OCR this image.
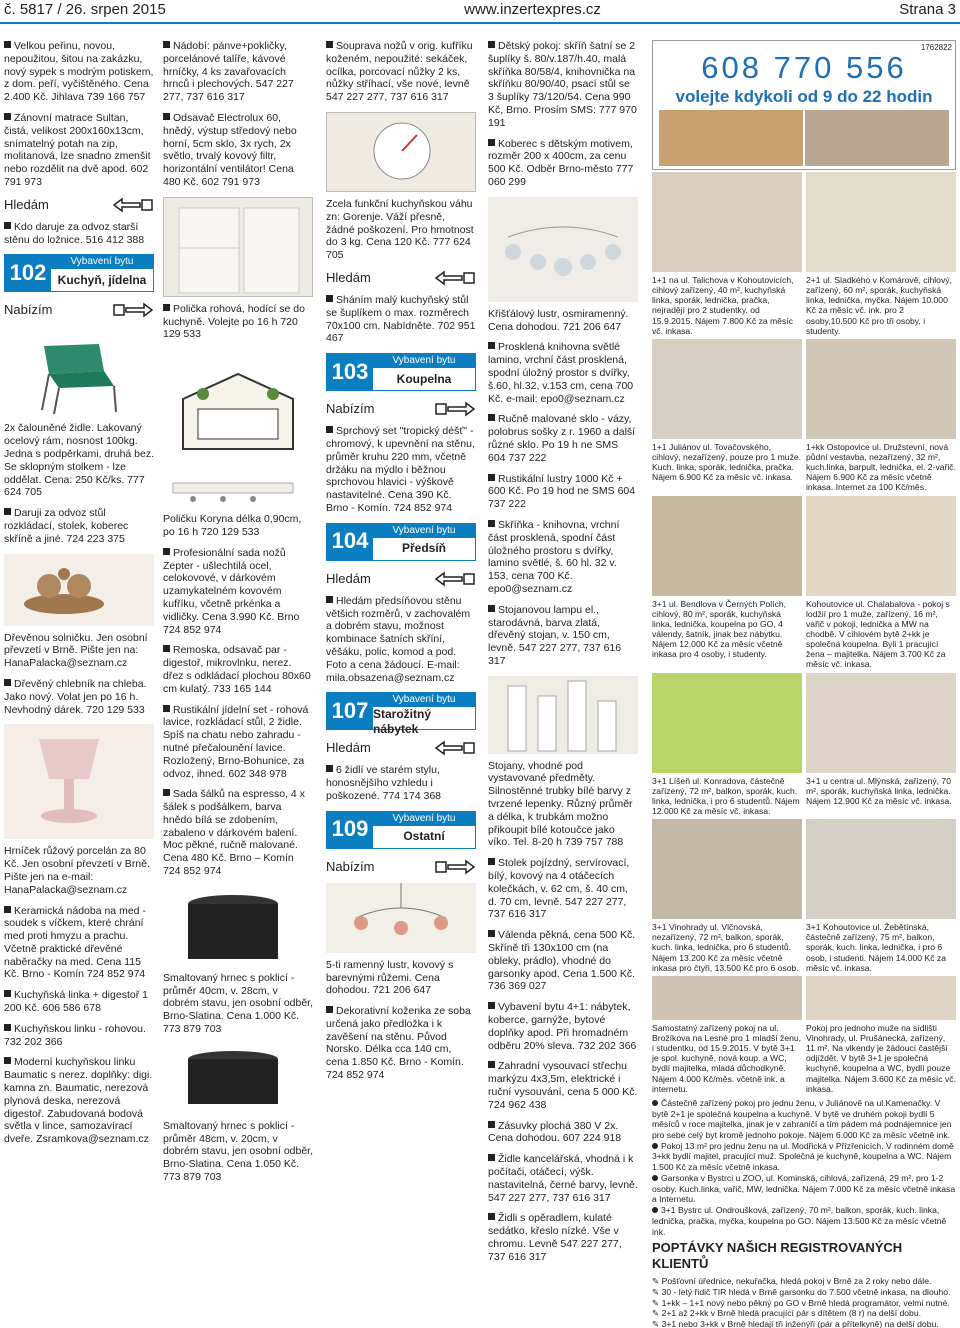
č. 5817 / 26. srpen 2015	www.inzertexpres.cz	Strana 3
Velkou peřinu, novou, nepoužitou, šitou na zakázku, nový sypek s modrým potiskem, z dom. peří, vyčištěného. Cena 2.400 Kč. Jihlava 739 166 757
Zánovní matrace Sultan, čistá, velikost 200x160x13cm, snímatelný potah na zip, molitanová, lze snadno zmenšit nebo rozdělit na dvě apod. 602 791 973
Hledám
Kdo daruje za odvoz starší stěnu do ložnice. 516 412 388
102	Vybavení bytu
Kuchyň, jídelna
Nabízím
2x čalouněné židle. Lakovaný ocelový rám, nosnost 100kg. Jedna s podpěrkami, druhá bez. Se sklopným stolkem - lze oddělat. Cena: 250 Kč/ks. 777 624 705
Daruji za odvoz stůl rozkládací, stolek, koberec skříně a jiné. 724 223 375
Dřevěnou solničku. Jen osobní převzetí v Brně. Pište jen na: HanaPalacka@seznam.cz
Dřevěný chlebník na chleba. Jako nový. Volat jen po 16 h. Nevhodný dárek. 720 129 533
Hrníček růžový porcelán za 80 Kč. Jen osobní převzetí v Brně. Pište jen na e-mail: HanaPalacka@seznam.cz
Keramická nádoba na med - soudek s víčkem, které chrání med proti hmyzu a prachu. Včetně praktické dřevěné naběračky na med. Cena 115 Kč. Brno - Komín 724 852 974
Kuchyňská linka + digestoř 1 200 Kč. 606 586 678
Kuchyňskou linku - rohovou. 732 202 366
Moderní kuchyňskou linku Baumatic s nerez. doplňky: digi. kamna zn. Baumatic, nerezová plynová deska, nerezová digestoř. Zabudovaná bodová světla v lince, samozavírací dveře. Zsramkova@seznam.cz
Nádobí: pánve+pokličky, porcelánové talíře, kávové hrníčky, 4 ks zavařovacích hrnců i plechových. 547 227 277, 737 616 317
Odsavač Electrolux 60, hnědý, výstup středový nebo horní, 5cm sklo, 3x rych, 2x světlo, trvalý kovový filtr, horizontální ventilátor! Cena 480 Kč. 602 791 973
Polička rohová, hodící se do kuchyně. Volejte po 16 h 720 129 533
Poličku Koryna délka 0,90cm, po 16 h 720 129 533
Profesionální sada nožů Zepter - ušlechtilá ocel, celokovové, v dárkovém uzamykatelném kovovém kufříku, včetně prkénka a vidličky. Cena 3.990 Kč. Brno 724 852 974
Remoska, odsavač par - digestoř, mikrovlnku, nerez. dřez s odkládací plochou 80x60 cm kulatý. 733 165 144
Rustikální jídelní set - rohová lavice, rozkládací stůl, 2 židle. Spíš na chatu nebo zahradu - nutné přečalounění lavice. Rozložený, Brno-Bohunice, za odvoz, ihned. 602 348 978
Sada šálků na espresso, 4 x šálek s podšálkem, barva hnědo bílá se zdobením, zabaleno v dárkovém balení. Moc pěkné, ručně malované. Cena 480 Kč. Brno – Komín 724 852 974
Smaltovaný hrnec s poklicí - průměr 40cm, v. 28cm, v dobrém stavu, jen osobní odběr, Brno-Slatina. Cena 1.000 Kč. 773 879 703
Smaltovaný hrnec s poklicí - průměr 48cm, v. 20cm, v dobrém stavu, jen osobní odběr, Brno-Slatina. Cena 1.050 Kč. 773 879 703
Souprava nožů v orig. kufříku koženém, nepoužité: sekáček, ocílka, porcovací nůžky 2 ks, nůžky stříhací, vše nové, levně 547 227 277, 737 616 317
Zcela funkční kuchyňskou váhu zn: Gorenje. Váží přesně, žádné poškození. Pro hmotnost do 3 kg. Cena 120 Kč. 777 624 705
Hledám
Sháním malý kuchyňský stůl se šuplíkem o max. rozměrech 70x100 cm. Nabídněte. 702 951 467
103	Vybavení bytu
Koupelna
Nabízím
Sprchový set "tropický déšť" - chromový, k upevnění na stěnu, průměr kruhu 220 mm, včetně držáku na mýdlo i běžnou sprchovou hlavici - výškově nastavitelné. Cena 390 Kč. Brno - Komín. 724 852 974
104	Vybavení bytu
Předsíň
Hledám
Hledám předsíňovou stěnu většich rozměrů, v zachovalém a dobrém stavu, možnost kombinace šatních skříní, věšáku, polic, komod a pod. Foto a cena žádoucí. E-mail: mila.obsazena@seznam.cz
107	Vybavení bytu
Starožitný nábytek
Hledám
6 židlí ve starém stylu, honosnějšího vzhledu i poškozené. 774 174 368
109	Vybavení bytu
Ostatní
Nabízím
5-ti ramenný lustr, kovový s barevnými růžemi. Cena dohodou. 721 206 647
Dekorativní koženka ze soba určená jako předložka i k zavěšení na stěnu. Původ Norsko. Délka cca 140 cm, cena 1.850 Kč. Brno - Komín. 724 852 974
Dětský pokoj: skříň šatní se 2 šuplíky š. 80/v.187/h.40, malá skříňka 80/58/4, knihovnička na skříňku 80/90/40, psací stůl se 3 šuplíky 73/120/54. Cena 990 Kč, Brno. Prosím SMS: 777 970 191
Koberec s dětským motivem, rozměr 200 x 400cm, za cenu 500 Kč. Odběr Brno-město 777 060 299
Křišťálový lustr, osmiramenný. Cena dohodou. 721 206 647
Prosklená knihovna světlé lamino, vrchní část prosklená, spodní úložný prostor s dvířky, š.60, hl.32, v.153 cm, cena 700 Kč. e-mail: epo0@seznam.cz
Ručně malované sklo - vázy, polobrus sošky z r. 1960 a další různé sklo. Po 19 h ne SMS 604 737 222
Rustikální lustry 1000 Kč + 600 Kč. Po 19 hod ne SMS 604 737 222
Skříňka - knihovna, vrchní část prosklená, spodní část úložného prostoru s dvířky, lamino světlé, š. 60 hl. 32 v. 153, cena 700 Kč. epo0@seznam.cz
Stojanovou lampu el., starodávná, barva zlatá, dřevěný stojan, v. 150 cm, levně. 547 227 277, 737 616 317
Stojany, vhodné pod vystavované předměty. Silnostěnné trubky bílé barvy z tvrzené lepenky. Různý průměr a délka, k trubkám možno přikoupit bílé kotoučce jako víko. Tel. 8-20 h 739 757 788
Stolek pojízdný, servírovací, bílý, kovový na 4 otáčecích kolečkách, v. 62 cm, š. 40 cm, d. 70 cm, levně. 547 227 277, 737 616 317
Válenda pěkná, cena 500 Kč. Skříně tři 130x100 cm (na obleky, prádlo), vhodné do garsonky apod. Cena 1.500 Kč. 736 369 027
Vybavení bytu 4+1: nábytek, koberce, garnýže, bytové doplňky apod. Při hromadném odběru 20% sleva. 732 202 366
Zahradní vysouvací střechu markýzu 4x3,5m, elektrické i ruční vysouvání, cena 5 000 Kč. 724 962 438
Zásuvky plochá 380 V 2x. Cena dohodou. 607 224 918
Židle kancelářská, vhodná i k počítači, otáčecí, výšk. nastavitelná, černé barvy, levně. 547 227 277, 737 616 317
Židli s opěradlem, kulaté sedátko, křeslo nízké. Vše v chromu. Levně 547 227 277, 737 616 317
1762822
608 770 556
volejte kdykoli od 9 do 22 hodin
1+1 na ul. Talichova v Kohoutovicích, cihlový zařízený, 40 m², kuchyňská linka, sporák, lednička, pračka, nejradějí pro 2 studentky, od 15.9.2015. Nájem 7.800 Kč za měsíc vč. inkasa.
2+1 ul. Sladkého v Komárově, cihlový, zařízený, 60 m², sporák, kuchyňská linka, lednička, myčka. Nájem 10.000 Kč za měsíc vč. ink. pro 2 osoby,10.500 Kč pro tři osoby, i studenty.
1+1 Juliánov ul. Tovačovského, cihlový, nezařízený, pouze pro 1 muže. Kuch. linka, sporák, lednička, pračka. Nájem 6.900 Kč za měsíc vč. inkasa.
1+kk Ostopovice ul. Družstevní, nová půdní vestavba, nezařízený, 32 m², kuch.linka, barpult, lednička, el. 2-vařič. Nájem 6.900 Kč za měsíc včetně inkasa. Internet za 100 Kč/měs.
3+1 ul. Bendlova v Černých Polích, cihlový, 80 m², sporák, kuchyňská linka, lednička, koupelna po GO, 4 válendy, šatník, jinak bez nábytku. Nájem 12.000 Kč za měsíc včetně inkasa pro 4 osoby, i studenty.
Kohoutovice ul. Chalabalova - pokoj s lodžií pro 1 muže, zařízený, 16 m², vařič v pokoji, lednička a MW na chodbě. V cihlovém bytě 2+kk je společná koupelna. Byli 1 pracující žena – majitelka. Nájem 3.700 Kč za měsíc vč. inkasa.
3+1 Líšeň ul. Konradova, částečně zařízený, 72 m², balkon, sporák, kuch. linka, lednička, i pro 6 studentů. Nájem 12.000 Kč za měsíc vč. inkasa.
3+1 u centra ul. Mlýnská, zařízený, 70 m², sporák, kuchyňská linka, lednička. Nájem 12.900 Kč za měsíc vč. inkasa.
3+1 Vinohrady ul. Vlčnovská, nezařízený, 72 m², balkon, sporák, kuch. linka, lednička, pro 6 studentů. Nájem 13.200 Kč za měsíc včetně inkasa pro čtyři, 13.500 Kč pro 6 osob.
3+1 Kohoutovice ul. Žebětínská, částečně zařízený, 75 m², balkon, sporák, kuch. linka, lednička, i pro 6 osob, i studenti. Nájem 14.000 Kč za měsíc vč. inkasa.
Samostatný zařízený pokoj na ul. Brožíkova na Lesné pro 1 mladší ženu, i studentku, od 15.9.2015. V bytě 3+1 je spol. kuchyně, nová koup. a WC, bydlí majitelka, mladá důchodkyně. Nájem 4.000 Kč/měs. včetně ink. a internetu.
Pokoj pro jednoho muže na sídlišti Vinohrady, ul. Prušánecká, zařízený, 11 m². Na vlkendy je žádoucí častější odjíždět. V bytě 3+1 je společná kuchyně, koupelna a WC, bydlí pouze majitelka. Nájem 3.600 Kč za měsíc vč. inkasa.
Částečně zařízený pokoj pro jednu ženu, v Juliánově na ul.Kamenačky. V bytě 2+1 je společná koupelna a kuchyně. V bytě ve druhém pokoji bydlí 5 měsíců v roce majitelka, jinak je v zahraničí a tím pádem má podnájemnice jen pro sebe celý byt kromě jednoho pokoje. Nájem 6.000 Kč za měsíc včetně ink.
Pokoj 13 m² pro jednu ženu na ul. Modřická v Přízřenicích. V rodinném domě 3+kk bydlí majitel, pracující muž. Společná je kuchyně, koupelna a WC. Nájem 1.500 Kč za měsíc včetně inkasa.
Garsonka v Bystrci u ZOO, ul. Kominská, cihlová, zařízená, 29 m², pro 1-2 osoby. Kuch.linka, vařič, MW, lednička. Nájem 7.000 Kč za měsíc včetně inkasa a Internetu.
3+1 Bystrc ul. Ondroušková, zařízený, 70 m², balkon, sporák, kuch. linka, lednička, pračka, myčka, koupelna po GO. Nájem 13.500 Kč za měsíc včetně ink.
POPTÁVKY NAŠICH REGISTROVANÝCH KLIENTŮ
✎ Pošťovní úřednice, nekuřačka, hledá pokoj v Brně za 2 roky nebo dále.
✎ 30 - letý řidič TIR hledá v Brně garsonku do 7.500 včetně inkasa, na dlouho.
✎ 1+kk – 1+1 nový nebo pěkný po GO v Brně hledá programátor, velmi nutné.
✎ 2+1 až 2+kk v Brně hledá pracující pár s dítětem (8 r) na delší dobu.
✎ 3+1 nebo 3+kk v Brně hledají tři inženýři (pár a přítelkyně) na delší dobu.
